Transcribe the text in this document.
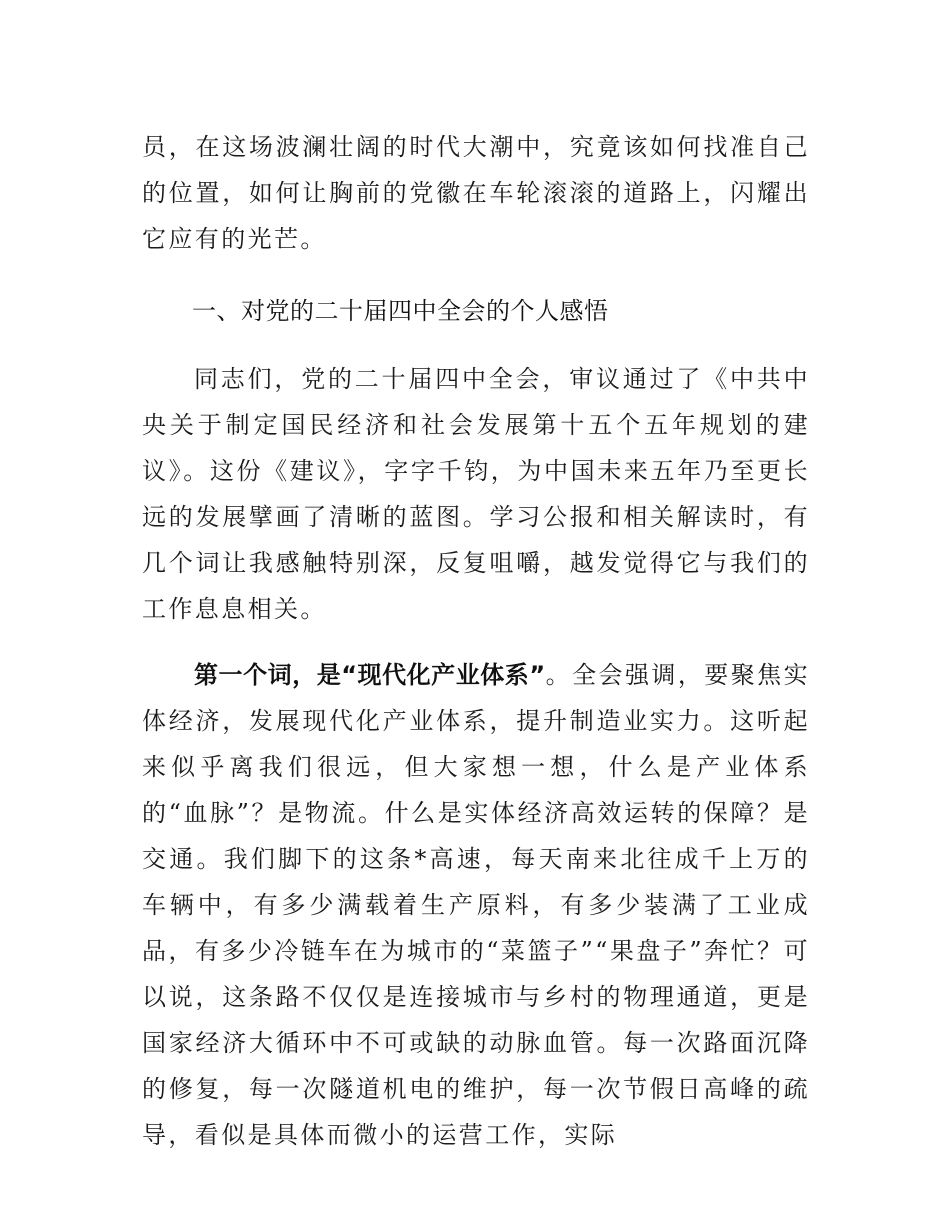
员，在这场波澜壮阔的时代大潮中，究竟该如何找准自己的位置，如何让胸前的党徽在车轮滚滚的道路上，闪耀出它应有的光芒。

一、对党的二十届四中全会的个人感悟

同志们，党的二十届四中全会，审议通过了《中共中央关于制定国民经济和社会发展第十五个五年规划的建议》。这份《建议》，字字千钧，为中国未来五年乃至更长远的发展擘画了清晰的蓝图。学习公报和相关解读时，有几个词让我感触特别深，反复咀嚼，越发觉得它与我们的工作息息相关。

第一个词，是“现代化产业体系”。全会强调，要聚焦实体经济，发展现代化产业体系，提升制造业实力。这听起来似乎离我们很远，但大家想一想，什么是产业体系的“血脉”？是物流。什么是实体经济高效运转的保障？是交通。我们脚下的这条*高速，每天南来北往成千上万的车辆中，有多少满载着生产原料，有多少装满了工业成品，有多少冷链车在为城市的“菜篮子”“果盘子”奔忙？可以说，这条路不仅仅是连接城市与乡村的物理通道，更是国家经济大循环中不可或缺的动脉血管。每一次路面沉降的修复，每一次隧道机电的维护，每一次节假日高峰的疏导，看似是具体而微小的运营工作，实际
